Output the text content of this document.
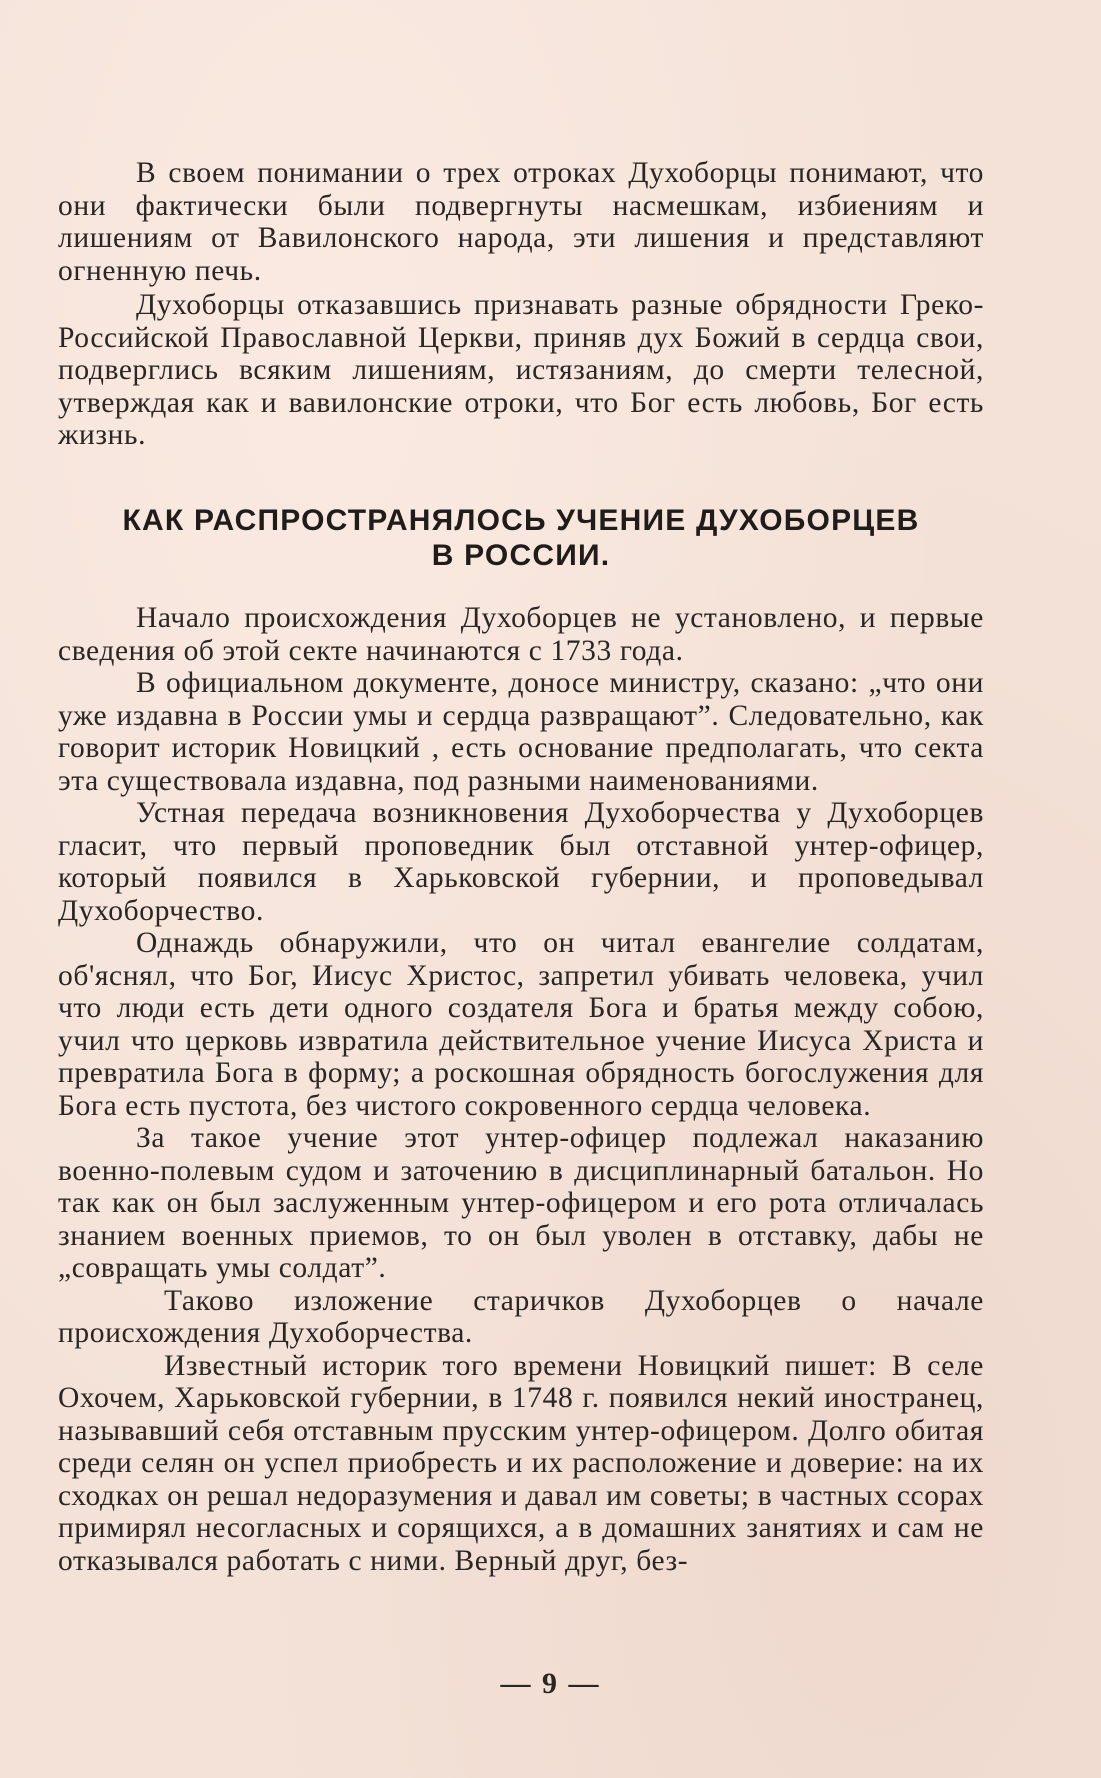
В своем понимании о трех отроках Духоборцы понимают, что они фактически были подвергнуты насмешкам, избиениям и лишениям от Вавилонского народа, эти лишения и представляют огненную печь.

Духоборцы отказавшись признавать разные обрядности Греко-Российской Православной Церкви, приняв дух Божий в сердца свои, подверглись всяким лишениям, истязаниям, до смерти телесной, утверждая как и вавилонские отроки, что Бог есть любовь, Бог есть жизнь.

КАК РАСПРОСТРАНЯЛОСЬ УЧЕНИЕ ДУХОБОРЦЕВ
В РОССИИ.

Начало происхождения Духоборцев не установлено, и первые сведения об этой секте начинаются с 1733 года.

В официальном документе, доносе министру, сказано: „что они уже издавна в России умы и сердца развращают”. Следовательно, как говорит историк Новицкий , есть основание предполагать, что секта эта существовала издавна, под разными наименованиями.

Устная передача возникновения Духоборчества у Духоборцев гласит, что первый проповедник был отставной унтер-офицер, который появился в Харьковской губернии, и проповедывал Духоборчество.

Однаждь обнаружили, что он читал евангелие солдатам, об'яснял, что Бог, Иисус Христос, запретил убивать человека, учил что люди есть дети одного создателя Бога и братья между собою, учил что церковь извратила действительное учение Иисуса Христа и превратила Бога в форму; а роскошная обрядность богослужения для Бога есть пустота, без чистого сокровенного сердца человека.

За такое учение этот унтер-офицер подлежал наказанию военно-полевым судом и заточению в дисциплинарный батальон. Но так как он был заслуженным унтер-офицером и его рота отличалась знанием военных приемов, то он был уволен в отставку, дабы не „совращать умы солдат”.

Таково изложение старичков Духоборцев о начале происхождения Духоборчества.

Известный историк того времени Новицкий пишет: В селе Охочем, Харьковской губернии, в 1748 г. появился некий иностранец, называвший себя отставным прусским унтер-офицером. Долго обитая среди селян он успел приобресть и их расположение и доверие: на их сходках он решал недоразумения и давал им советы; в частных ссорах примирял несогласных и сорящихся, а в домашних занятиях и сам не отказывался работать с ними. Верный друг, без-

— 9 —
